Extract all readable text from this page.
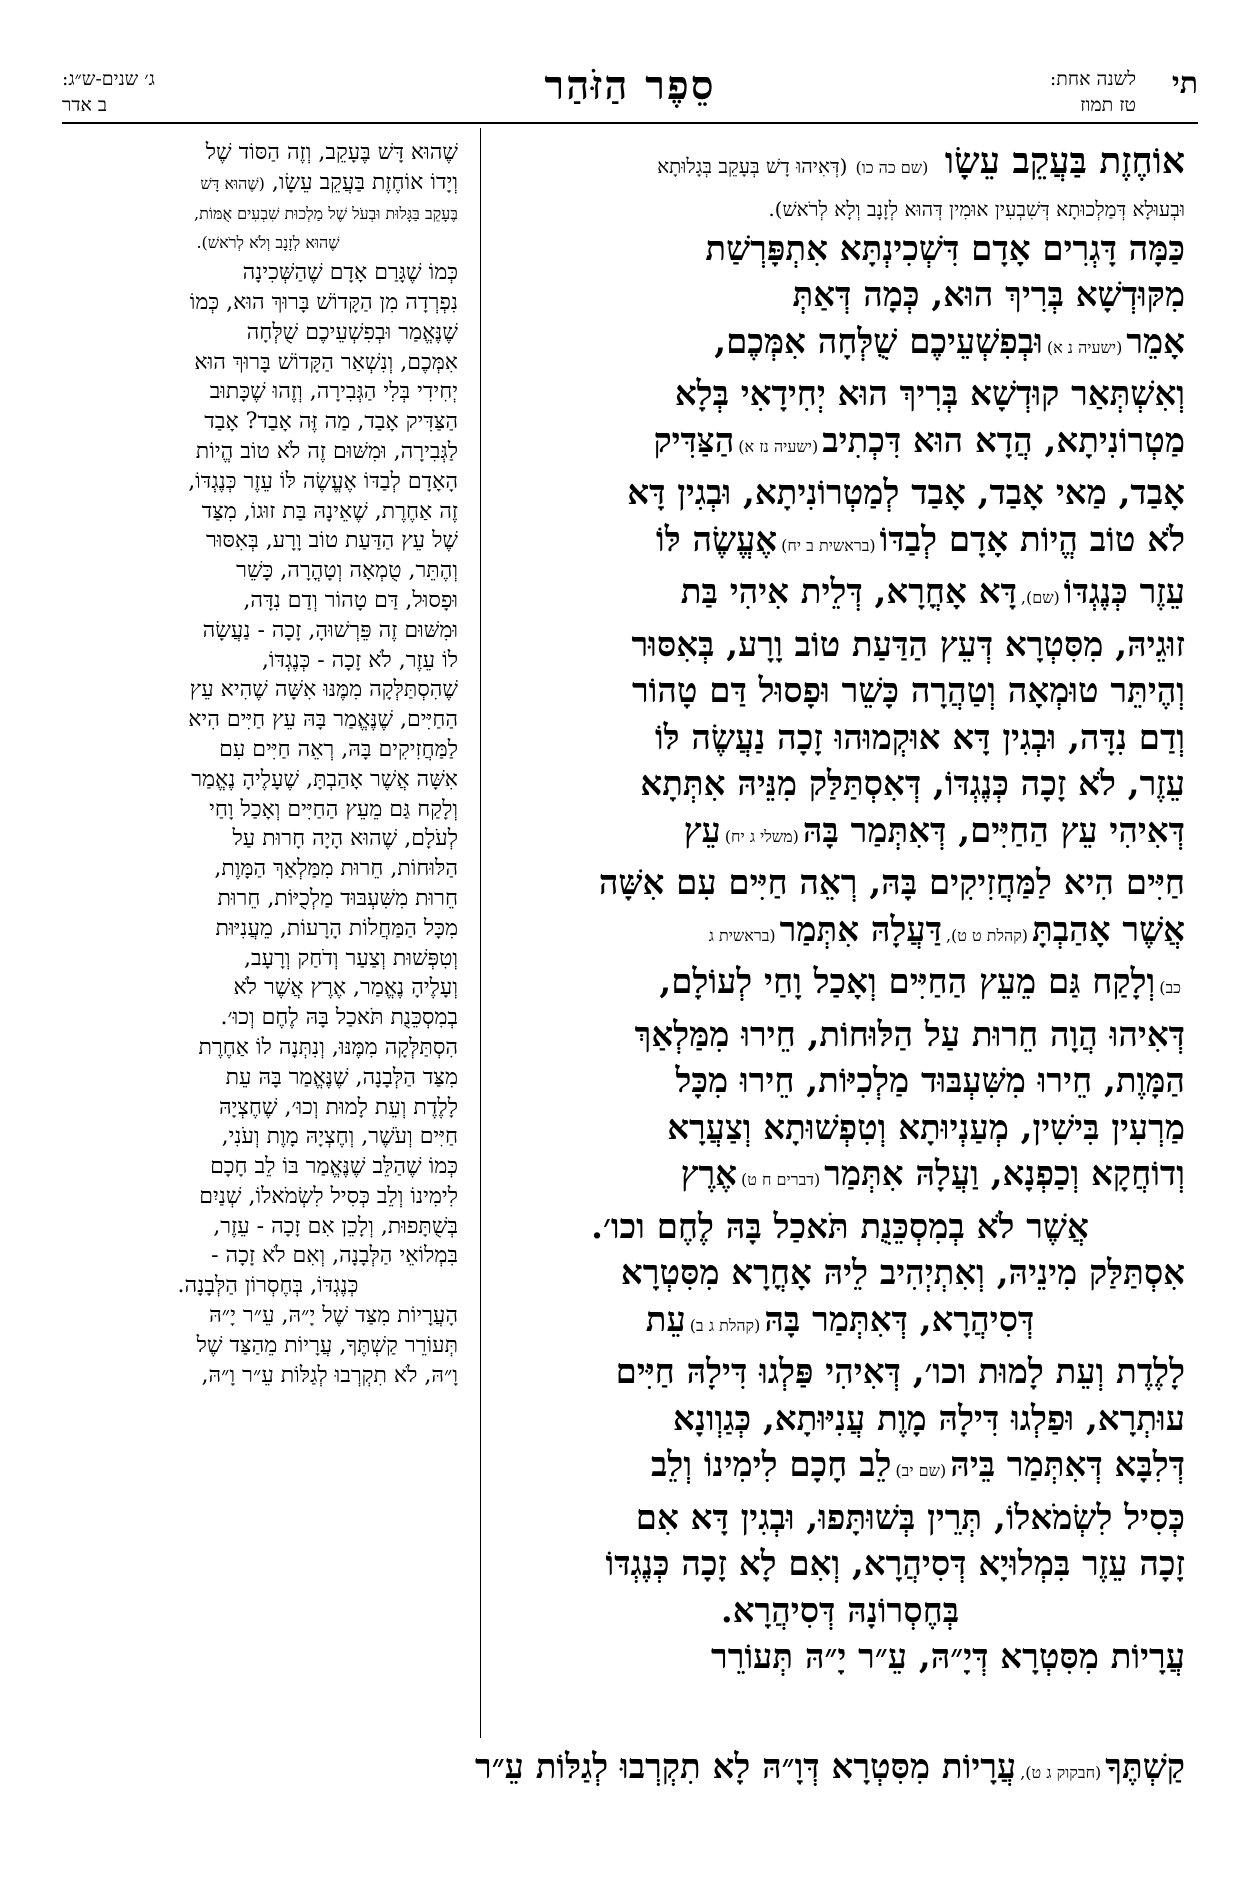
תי
לשנה אחת:
טז תמוז
סֵפֶר הַזֹּהַר
ג׳ שנים-ש״ג:
ב אדר

אוֹחֶזֶת בַּעֲקֵב עֵשָׂו (שם כה כו)(דְּאִיהוּ דָשׁ בְּעָקֵב בְּגָלוּתָא

וּבְעוּלָא דְּמַלְכוּתָא דְּשִׁבְעִין אוּמִין דְּהוּא לְזָנָב וְלָא לְרֹאשׁ).

כַּמָּה דָּגְרִים אָדָם דִּשְׁכִינְתָּא אִתְפָּרְשַׁת

מִקּוּדְשָׁא בְּרִיךְ הוּא, כְּמָה דְּאַתְּ

אָמֵר(ישעיה נ א)וּבְפִשְׁעֵיכֶם שֻׁלְּחָה אִמְּכֶם,

וְאִשְׁתְּאַר קוּדְשָׁא בְּרִיךְ הוּא יְחִידָאִי בְּלָא

מַטְרוֹנִיתָא, הֲדָא הוּא דִּכְתִיב(ישעיה נז א)הַצַּדִּיק

אָבַד, מַאי אָבַד, אָבַד לְמַטְרוֹנִיתָא, וּבְגִין דָּא

לֹא טוֹב הֱיוֹת אָדָם לְבַדּוֹ(בראשית ב יח)אֶעֱשֶׂה לּוֹ

עֵזֶר כְּנֶגְדּוֹ(שם),דָּא אָחֳרָא, דְּלֵית אִיהִי בַּת

זוּגֵיהּ, מִסִּטְרָא דְּעֵץ הַדַּעַת טוֹב וָרָע, בְּאִסּוּר

וְהֶיתֵּר טוּמְאָה וְטַהֲרָה כָּשֵׁר וּפָסוּל דַּם טָהוֹר

וְדַם נִדָּה, וּבְגִין דָּא אוּקְמוּהוּ זָכָה נַעֲשֶׂה לּוֹ

עֵזֶר, לֹא זָכָה כְּנֶגְדּוֹ, דְּאִסְתַּלַּק מִנֵּיהּ אִתְּתָא

דְּאִיהִי עֵץ הַחַיִּים, דְּאִתְּמַר בָּהּ(משלי ג יח)עֵץ

חַיִּים הִיא לַמַּחֲזִיקִים בָּהּ, רְאֵה חַיִּים עִם אִשָּׁה

אֲשֶׁר אָהַבְתָּ(קהלת ט ט),דַּעֲלָהּ אִתְּמַר(בראשית ג

כב)וְלָקַח גַּם מֵעֵץ הַחַיִּים וְאָכַל וָחַי לְעוֹלָם,

דְּאִיהוּ הֲוָה חֵרוּת עַל הַלּוּחוֹת, חֵירוּ מִמַּלְאַךְ

הַמָּוֶת, חֵירוּ מִשִּׁעְבּוּד מַלְכִיּוֹת, חֵירוּ מִכָּל

מַרְעִין בִּישִׁין, מְעַנְיוּתָא וְטִפְשׁוּתָא וְצַעֲרָא

וְדוֹחֲקָא וְכַפְנָא, וַעֲלָהּ אִתְּמַר(דברים ח ט)אֶרֶץ

אֲשֶׁר לֹא בְמִסְכֵּנֻת תֹּאכַל בָּהּ לֶחֶם וכו׳.

אִסְתַּלַּק מִינֵיהּ, וְאִתְיְהִיב לֵיהּ אָחֳרָא מִסִּטְרָא

דְּסִיהֲרָא, דְּאִתְּמַר בָּהּ(קהלת ג ב)עֵת

לָלֶדֶת וְעֵת לָמוּת וכו׳, דְּאִיהִי פַּלְגוּ דִּילָהּ חַיִּים

עוּתְרָא, וּפַלְגוּ דִּילָהּ מָוֶת עֲנִיּוּתָא, כְּגַוְונָא

דְּלִבָּא דְּאִתְּמַר בֵּיהּ(שם יב)לֵב חָכָם לִימִינוֹ וְלֵב

כְּסִיל לִשְׂמֹאלוֹ, תְּרֵין בְּשׁוּתָּפוּ, וּבְגִין דָּא אִם

זָכָה עֵזֶר בִּמְלוּיָא דְּסִיהֲרָא, וְאִם לָא זָכָה כְּנֶגְדּוֹ

בְּחֶסְרוֹנָהּ דְּסִיהֲרָא.

עֲרָיוֹת מִסִּטְרָא דְּיָ״הּ, עֵ״ר יָ״הּ תְּעוֹרֵר

שֶׁהוּא דָּשׁ בֶּעָקֵב, וְזֶה הַסּוֹד שֶׁל

וְיָדוֹ אוֹחֶזֶת בַּעֲקֵב עֵשָׂו, (שֶׁהוּא דָּשׁ

בֶּעָקֵב בַּגָּלוּת וּבְעֹל שֶׁל מַלְכוּת שִׁבְעִים אֻמּוֹת,

שֶׁהוּא לְזָנָב וְלֹא לְרֹאשׁ).

כְּמוֹ שֶׁגָּרַם אָדָם שֶׁהַשְּׁכִינָה

נִפְרְדָה מִן הַקָּדוֹשׁ בָּרוּךְ הוּא, כְּמוֹ

שֶׁנֶּאֱמַר וּבְפִשְׁעֵיכֶם שֻׁלְּחָה

אִמְּכֶם, וְנִשְׁאַר הַקָּדוֹשׁ בָּרוּךְ הוּא

יְחִידִי בְּלִי הַגְּבִירָה, וְזֶהוּ שֶׁכָּתוּב

הַצַּדִּיק אָבַד, מַה זֶּה אָבַד? אָבַד

לַגְּבִירָה, וּמִשּׁוּם זֶה לֹא טוֹב הֱיוֹת

הָאָדָם לְבַדּוֹ אֶעֱשֶׂה לּוֹ עֵזֶר כְּנֶגְדּוֹ,

זֶה אַחֶרֶת, שֶׁאֵינָהּ בַּת זוּגוֹ, מִצַּד

שֶׁל עֵץ הַדַּעַת טוֹב וָרָע, בְּאִסּוּר

וְהֶתֵּר, טֻמְאָה וְטָהֳרָה, כָּשֵׁר

וּפָסוּל, דַּם טָהוֹר וְדַם נִדָּה,

וּמִשּׁוּם זֶה פֵּרְשׁוּהָ, זָכָה - נַעֲשָׂה

לוֹ עֵזֶר, לֹא זָכָה - כְּנֶגְדּוֹ,

שֶׁהִסְתַּלְּקָה מִמֶּנּוּ אִשָּׁה שֶׁהִיא עֵץ

הַחַיִּים, שֶׁנֶּאֱמַר בָּהּ עֵץ חַיִּים הִיא

לַמַּחֲזִיקִים בָּהּ, רְאֵה חַיִּים עִם

אִשָּׁה אֲשֶׁר אָהַבְתָּ, שֶׁעָלֶיהָ נֶאֱמַר

וְלָקַח גַּם מֵעֵץ הַחַיִּים וְאָכַל וָחַי

לְעֹלָם, שֶׁהוּא הָיָה חָרוּת עַל

הַלּוּחוֹת, חֵרוּת מִמַּלְאַךְ הַמָּוֶת,

חֵרוּת מִשִּׁעְבּוּד מַלְכֻיּוֹת, חֵרוּת

מִכָּל הַמַּחֲלוֹת הָרָעוֹת, מֵעֲנִיּוּת

וְטִפְּשׁוּת וְצַעַר וְדֹחַק וְרָעָב,

וְעָלֶיהָ נֶאֱמַר, אֶרֶץ אֲשֶׁר לֹא

בְמִסְכֵּנֻת תֹּאכַל בָּהּ לֶחֶם וְכוּ׳.

הִסְתַּלְּקָה מִמֶּנּוּ, וְנִתְּנָה לוֹ אַחֶרֶת

מִצַּד הַלְּבָנָה, שֶׁנֶּאֱמַר בָּהּ עֵת

לָלֶדֶת וְעֵת לָמוּת וְכוּ׳, שֶׁחֶצְיָהּ

חַיִּים וְעֹשֶׁר, וְחֶצְיָהּ מָוֶת וְעֹנִי,

כְּמוֹ שֶׁהַלֵּב שֶׁנֶּאֱמַר בּוֹ לֵב חָכָם

לִימִינוֹ וְלֵב כְּסִיל לִשְׂמֹאלוֹ, שְׁנַיִם

בְּשֻׁתָּפוּת, וְלָכֵן אִם זָכָה - עֵזֶר,

בִּמְלוֹאֵי הַלְּבָנָה, וְאִם לֹא זָכָה -

כְּנֶגְדּוֹ, בְּחֶסְרוֹן הַלְּבָנָה.

הָעֲרָיוֹת מִצַּד שֶׁל יָ״הּ, עֵ״ר יָ״הּ

תְּעוֹרֵר קַשְׁתֶּךָ, עֲרָיוֹת מֵהַצַּד שֶׁל

וָ״הּ, לֹא תִקְרְבוּ לְגַלּוֹת עֵ״ר וָ״הּ,

קַשְׁתֶּךָ(חבקוק ג ט),עֲרָיוֹת מִסִּטְרָא דְּוָ״הּ לָא תִקְרְבוּ לְגַלּוֹת עֵ״ר
